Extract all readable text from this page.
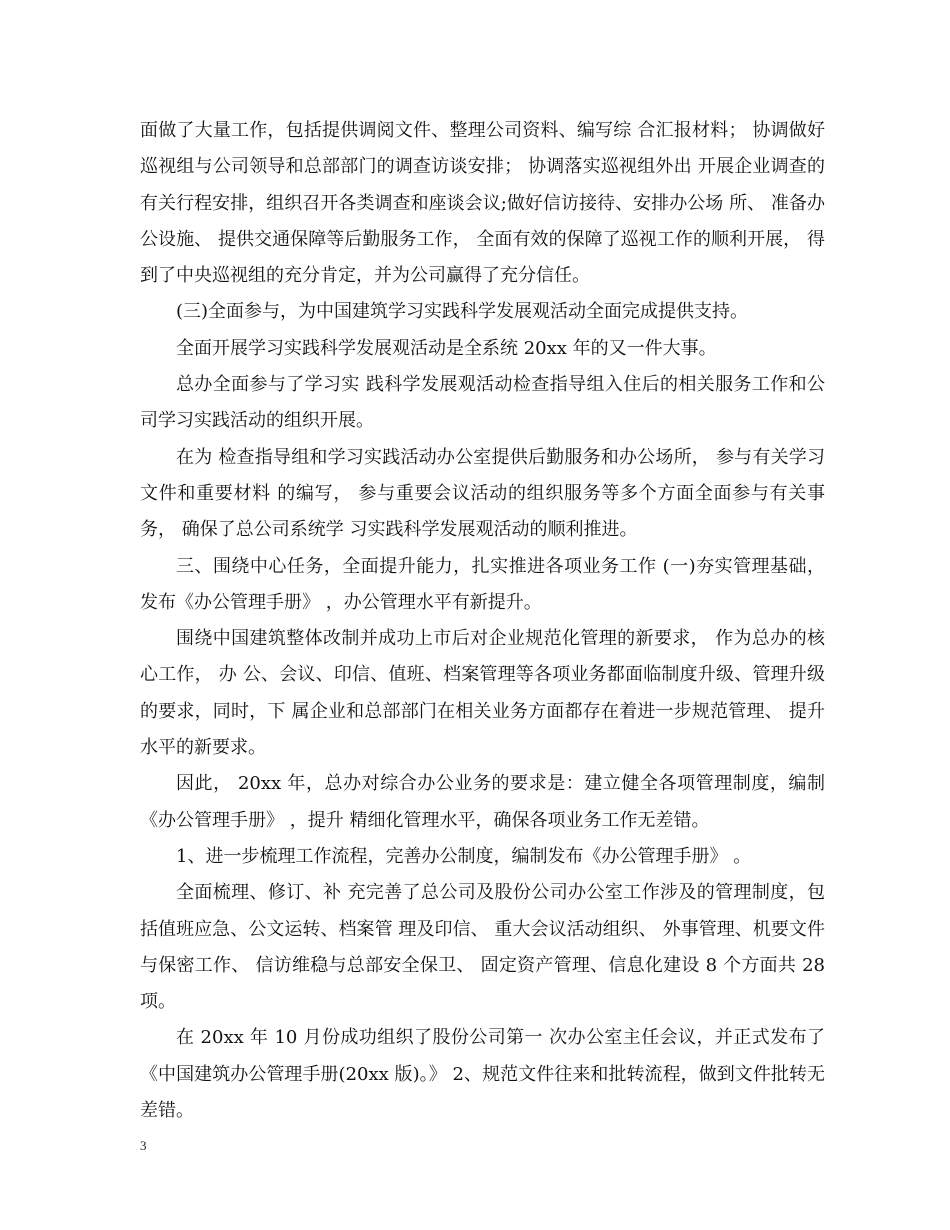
面做了大量工作，包括提供调阅文件、整理公司资料、编写综 合汇报材料； 协调做好巡视组与公司领导和总部部门的调查访谈安排； 协调落实巡视组外出 开展企业调查的有关行程安排，组织召开各类调查和座谈会议;做好信访接待、安排办公场 所、 准备办公设施、 提供交通保障等后勤服务工作， 全面有效的保障了巡视工作的顺利开展， 得到了中央巡视组的充分肯定，并为公司赢得了充分信任。

(三)全面参与，为中国建筑学习实践科学发展观活动全面完成提供支持。

全面开展学习实践科学发展观活动是全系统 20xx 年的又一件大事。

总办全面参与了学习实 践科学发展观活动检查指导组入住后的相关服务工作和公司学习实践活动的组织开展。

在为 检查指导组和学习实践活动办公室提供后勤服务和办公场所， 参与有关学习文件和重要材料 的编写， 参与重要会议活动的组织服务等多个方面全面参与有关事务， 确保了总公司系统学 习实践科学发展观活动的顺利推进。

三、围绕中心任务，全面提升能力，扎实推进各项业务工作 (一)夯实管理基础，发布《办公管理手册》 ，办公管理水平有新提升。

围绕中国建筑整体改制并成功上市后对企业规范化管理的新要求， 作为总办的核心工作， 办 公、会议、印信、值班、档案管理等各项业务都面临制度升级、管理升级的要求，同时，下 属企业和总部部门在相关业务方面都存在着进一步规范管理、 提升水平的新要求。

因此， 20xx 年，总办对综合办公业务的要求是：建立健全各项管理制度，编制《办公管理手册》 ，提升 精细化管理水平，确保各项业务工作无差错。

1、进一步梳理工作流程，完善办公制度，编制发布《办公管理手册》 。

全面梳理、修订、补 充完善了总公司及股份公司办公室工作涉及的管理制度，包括值班应急、公文运转、档案管 理及印信、 重大会议活动组织、 外事管理、机要文件与保密工作、 信访维稳与总部安全保卫、 固定资产管理、信息化建设 8 个方面共 28 项。

在 20xx 年 10 月份成功组织了股份公司第一 次办公室主任会议，并正式发布了《中国建筑办公管理手册(20xx 版)。》 2、规范文件往来和批转流程，做到文件批转无差错。

3
